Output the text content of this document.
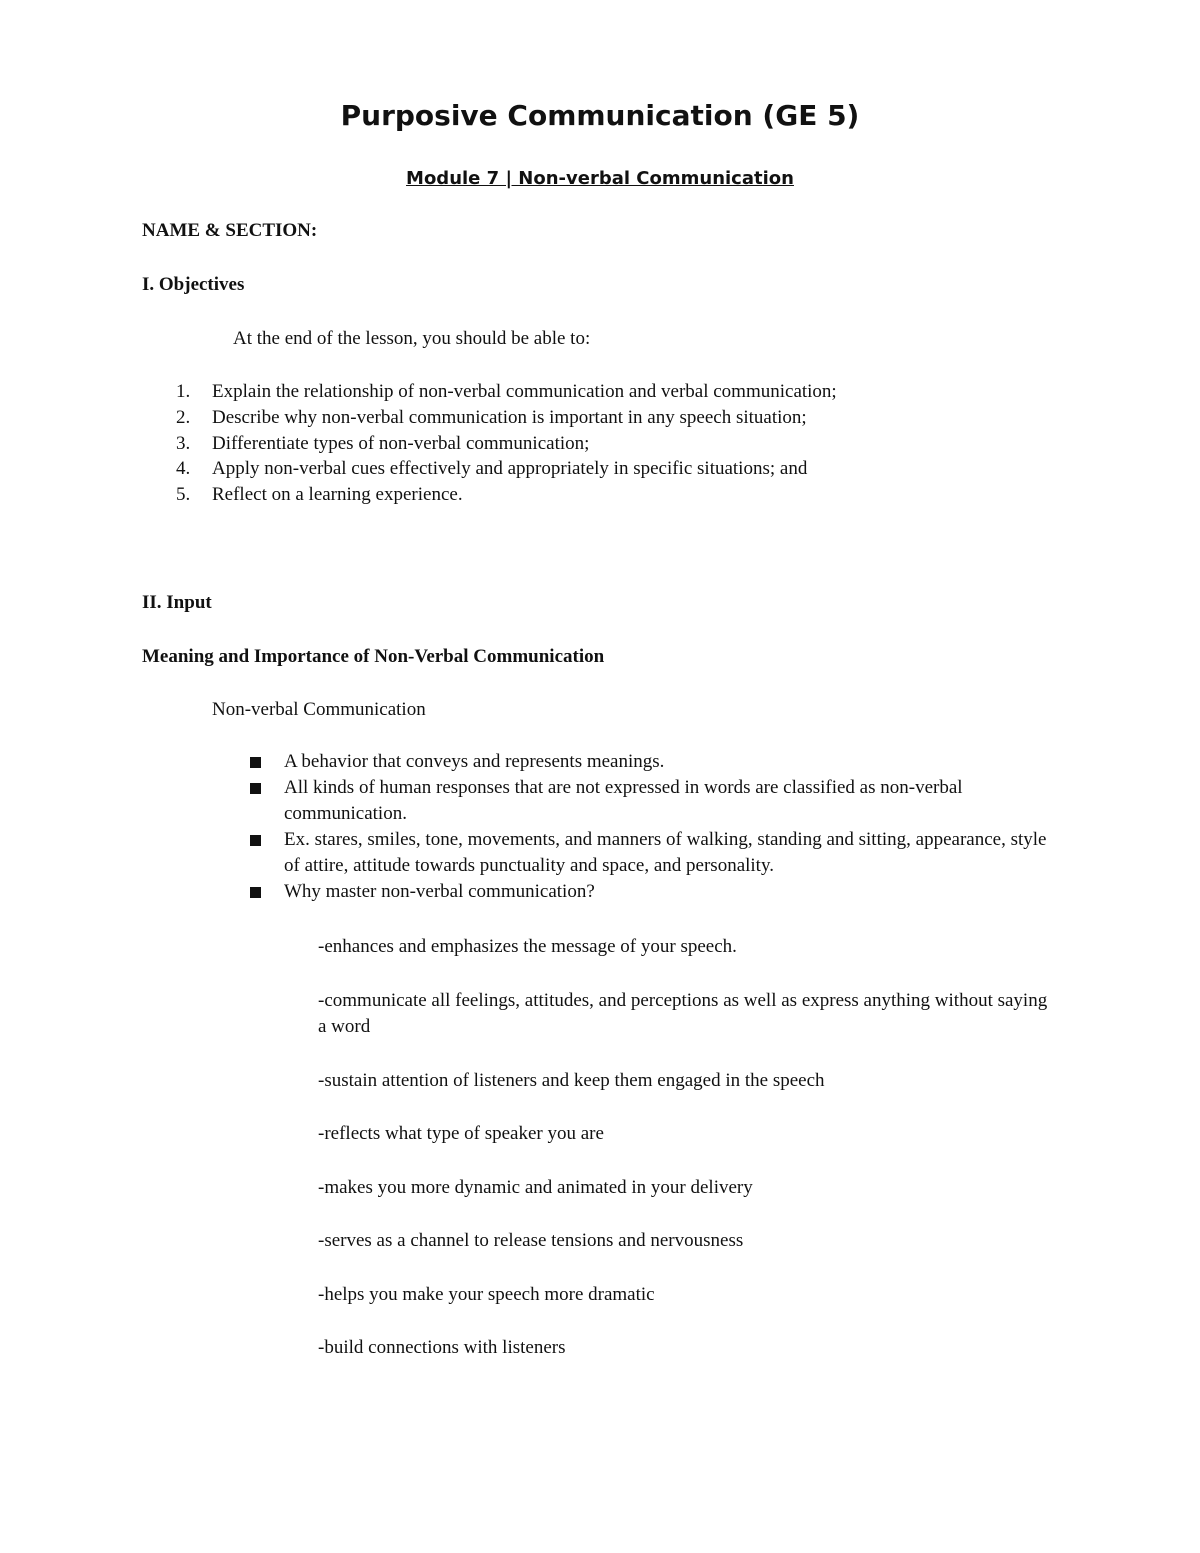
Purposive Communication (GE 5)
Module 7 | Non-verbal Communication

NAME & SECTION:

I. Objectives

At the end of the lesson, you should be able to:

1. Explain the relationship of non-verbal communication and verbal communication;
2. Describe why non-verbal communication is important in any speech situation;
3. Differentiate types of non-verbal communication;
4. Apply non-verbal cues effectively and appropriately in specific situations; and
5. Reflect on a learning experience.

II. Input

Meaning and Importance of Non-Verbal Communication

Non-verbal Communication

A behavior that conveys and represents meanings.
All kinds of human responses that are not expressed in words are classified as non-verbal communication.
Ex. stares, smiles, tone, movements, and manners of walking, standing and sitting, appearance, style of attire, attitude towards punctuality and space, and personality.
Why master non-verbal communication?
-enhances and emphasizes the message of your speech.
-communicate all feelings, attitudes, and perceptions as well as express anything without saying a word
-sustain attention of listeners and keep them engaged in the speech
-reflects what type of speaker you are
-makes you more dynamic and animated in your delivery
-serves as a channel to release tensions and nervousness
-helps you make your speech more dramatic
-build connections with listeners
